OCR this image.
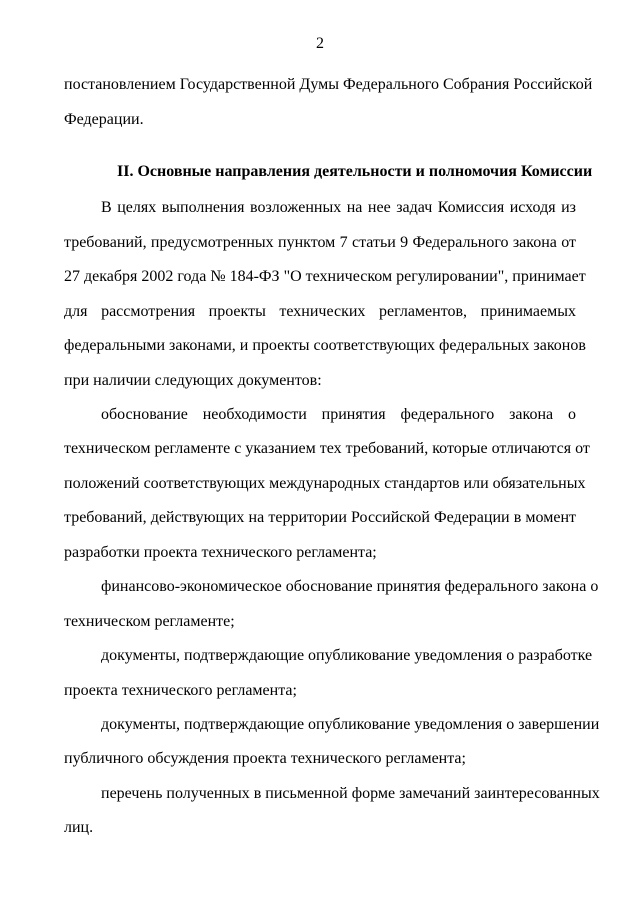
2
постановлением Государственной Думы Федерального Собрания Российской
Федерации.
II. Основные направления деятельности и полномочия Комиссии
В целях выполнения возложенных на нее задач Комиссия исходя из
требований, предусмотренных пунктом 7 статьи 9 Федерального закона от
27 декабря 2002 года № 184-ФЗ "О техническом регулировании", принимает
для рассмотрения проекты технических регламентов, принимаемых
федеральными законами, и проекты соответствующих федеральных законов
при наличии следующих документов:
обоснование необходимости принятия федерального закона о
техническом регламенте с указанием тех требований, которые отличаются от
положений соответствующих международных стандартов или обязательных
требований, действующих на территории Российской Федерации в момент
разработки проекта технического регламента;
финансово-экономическое обоснование принятия федерального закона о
техническом регламенте;
документы, подтверждающие опубликование уведомления о разработке
проекта технического регламента;
документы, подтверждающие опубликование уведомления о завершении
публичного обсуждения проекта технического регламента;
перечень полученных в письменной форме замечаний заинтересованных
лиц.
